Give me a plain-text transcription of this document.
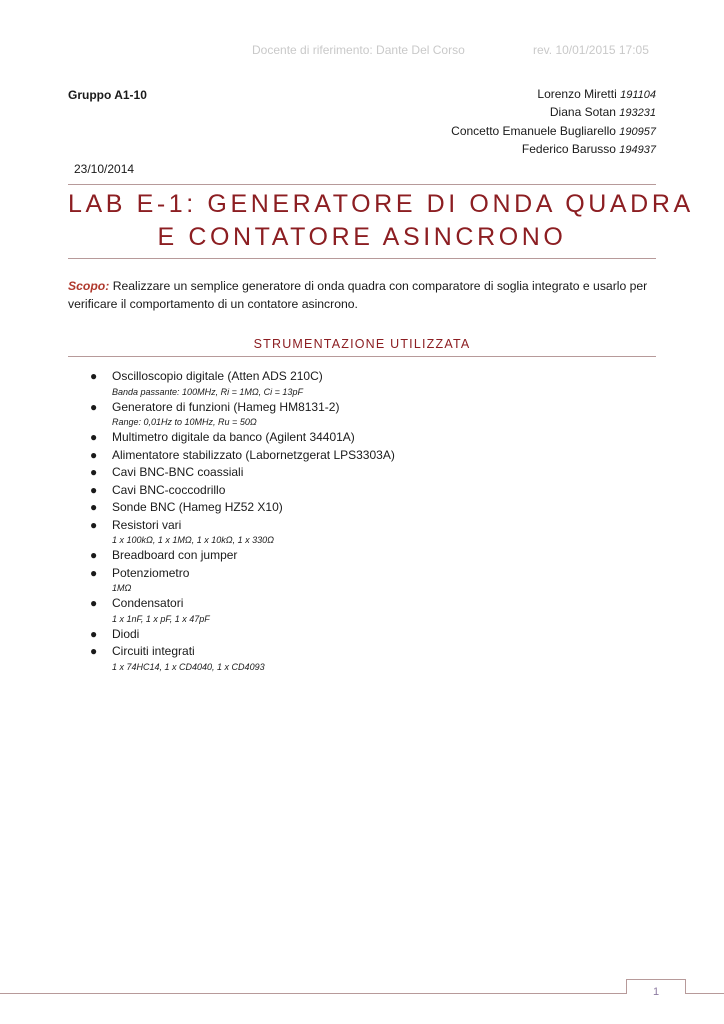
Docente di riferimento: Dante Del Corso	rev. 10/01/2015 17:05
Gruppo A1-10	Lorenzo Miretti 191104
Diana Sotan 193231
Concetto Emanuele Bugliarello 190957
Federico Barusso 194937
23/10/2014
LAB E-1: GENERATORE DI ONDA QUADRA
E CONTATORE ASINCRONO
Scopo: Realizzare un semplice generatore di onda quadra con comparatore di soglia integrato e usarlo per verificare il comportamento di un contatore asincrono.
STRUMENTAZIONE UTILIZZATA
● Oscilloscopio digitale (Atten ADS 210C)
Banda passante: 100MHz, Ri = 1MΩ, Ci = 13pF
● Generatore di funzioni (Hameg HM8131-2)
Range: 0,01Hz to 10MHz, Ru = 50Ω
● Multimetro digitale da banco (Agilent 34401A)
● Alimentatore stabilizzato (Labornetzgerat LPS3303A)
● Cavi BNC-BNC coassiali
● Cavi BNC-coccodrillo
● Sonde BNC (Hameg HZ52 X10)
● Resistori vari
1 x 100kΩ, 1 x 1MΩ, 1 x 10kΩ, 1 x 330Ω
● Breadboard con jumper
● Potenziometro
1MΩ
● Condensatori
1 x 1nF, 1 x pF, 1 x 47pF
● Diodi
● Circuiti integrati
1 x 74HC14, 1 x CD4040, 1 x CD4093
1
